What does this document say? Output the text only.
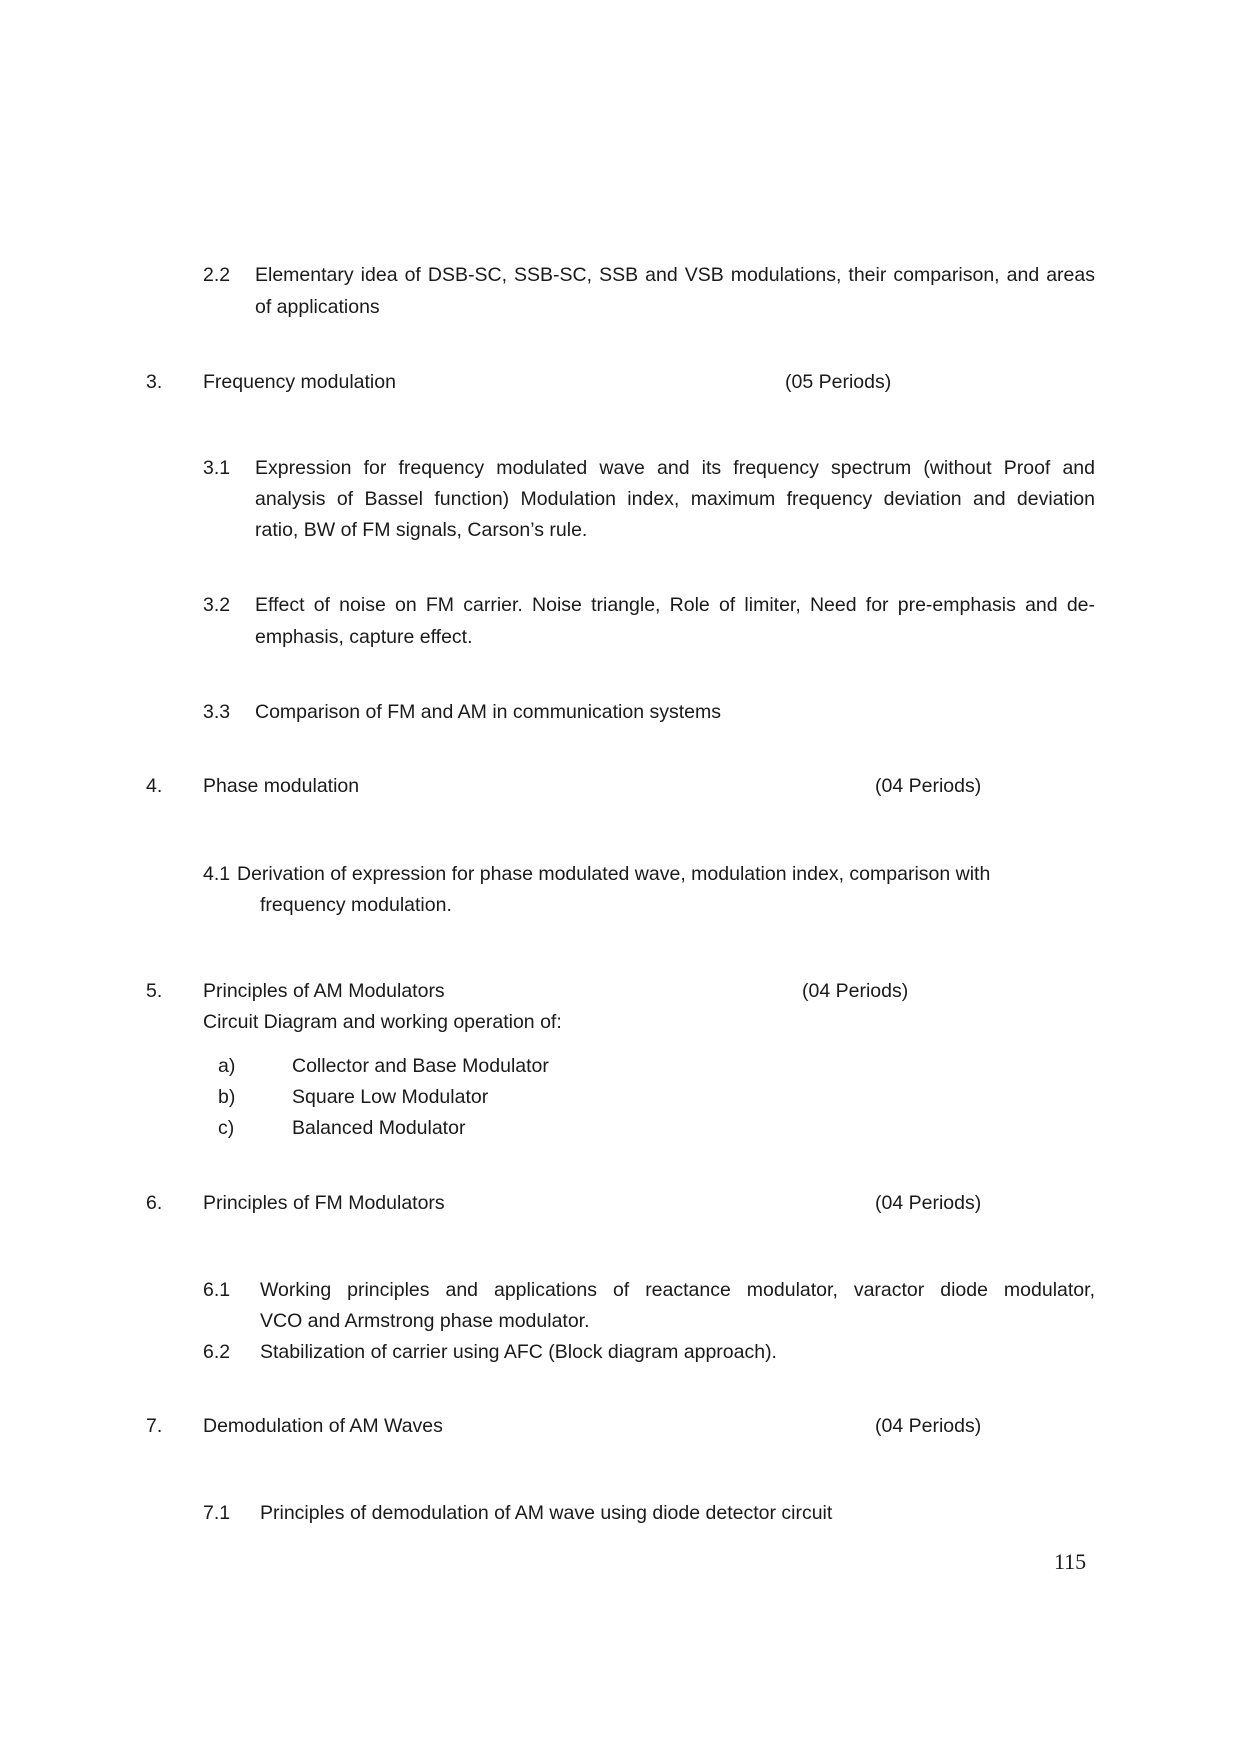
2.2 Elementary idea of DSB-SC, SSB-SC, SSB and VSB modulations, their comparison, and areas
of applications
3. Frequency modulation	(05 Periods)
3.1 Expression for frequency modulated wave and its frequency spectrum (without Proof and
analysis of Bassel function) Modulation index, maximum frequency deviation and deviation
ratio, BW of FM signals, Carson’s rule.
3.2 Effect of noise on FM carrier. Noise triangle, Role of limiter, Need for pre-emphasis and de-
emphasis, capture effect.
3.3 Comparison of FM and AM in communication systems
4. Phase modulation	(04 Periods)
4.1 Derivation of expression for phase modulated wave, modulation index, comparison with
frequency modulation.
5. Principles of AM Modulators	(04 Periods)
Circuit Diagram and working operation of:
a)	Collector and Base Modulator
b)	Square Low Modulator
c)	Balanced Modulator
6. Principles of FM Modulators	(04 Periods)
6.1 Working principles and applications of reactance modulator, varactor diode modulator,
VCO and Armstrong phase modulator.
6.2 Stabilization of carrier using AFC (Block diagram approach).
7. Demodulation of AM Waves	(04 Periods)
7.1 Principles of demodulation of AM wave using diode detector circuit
115
